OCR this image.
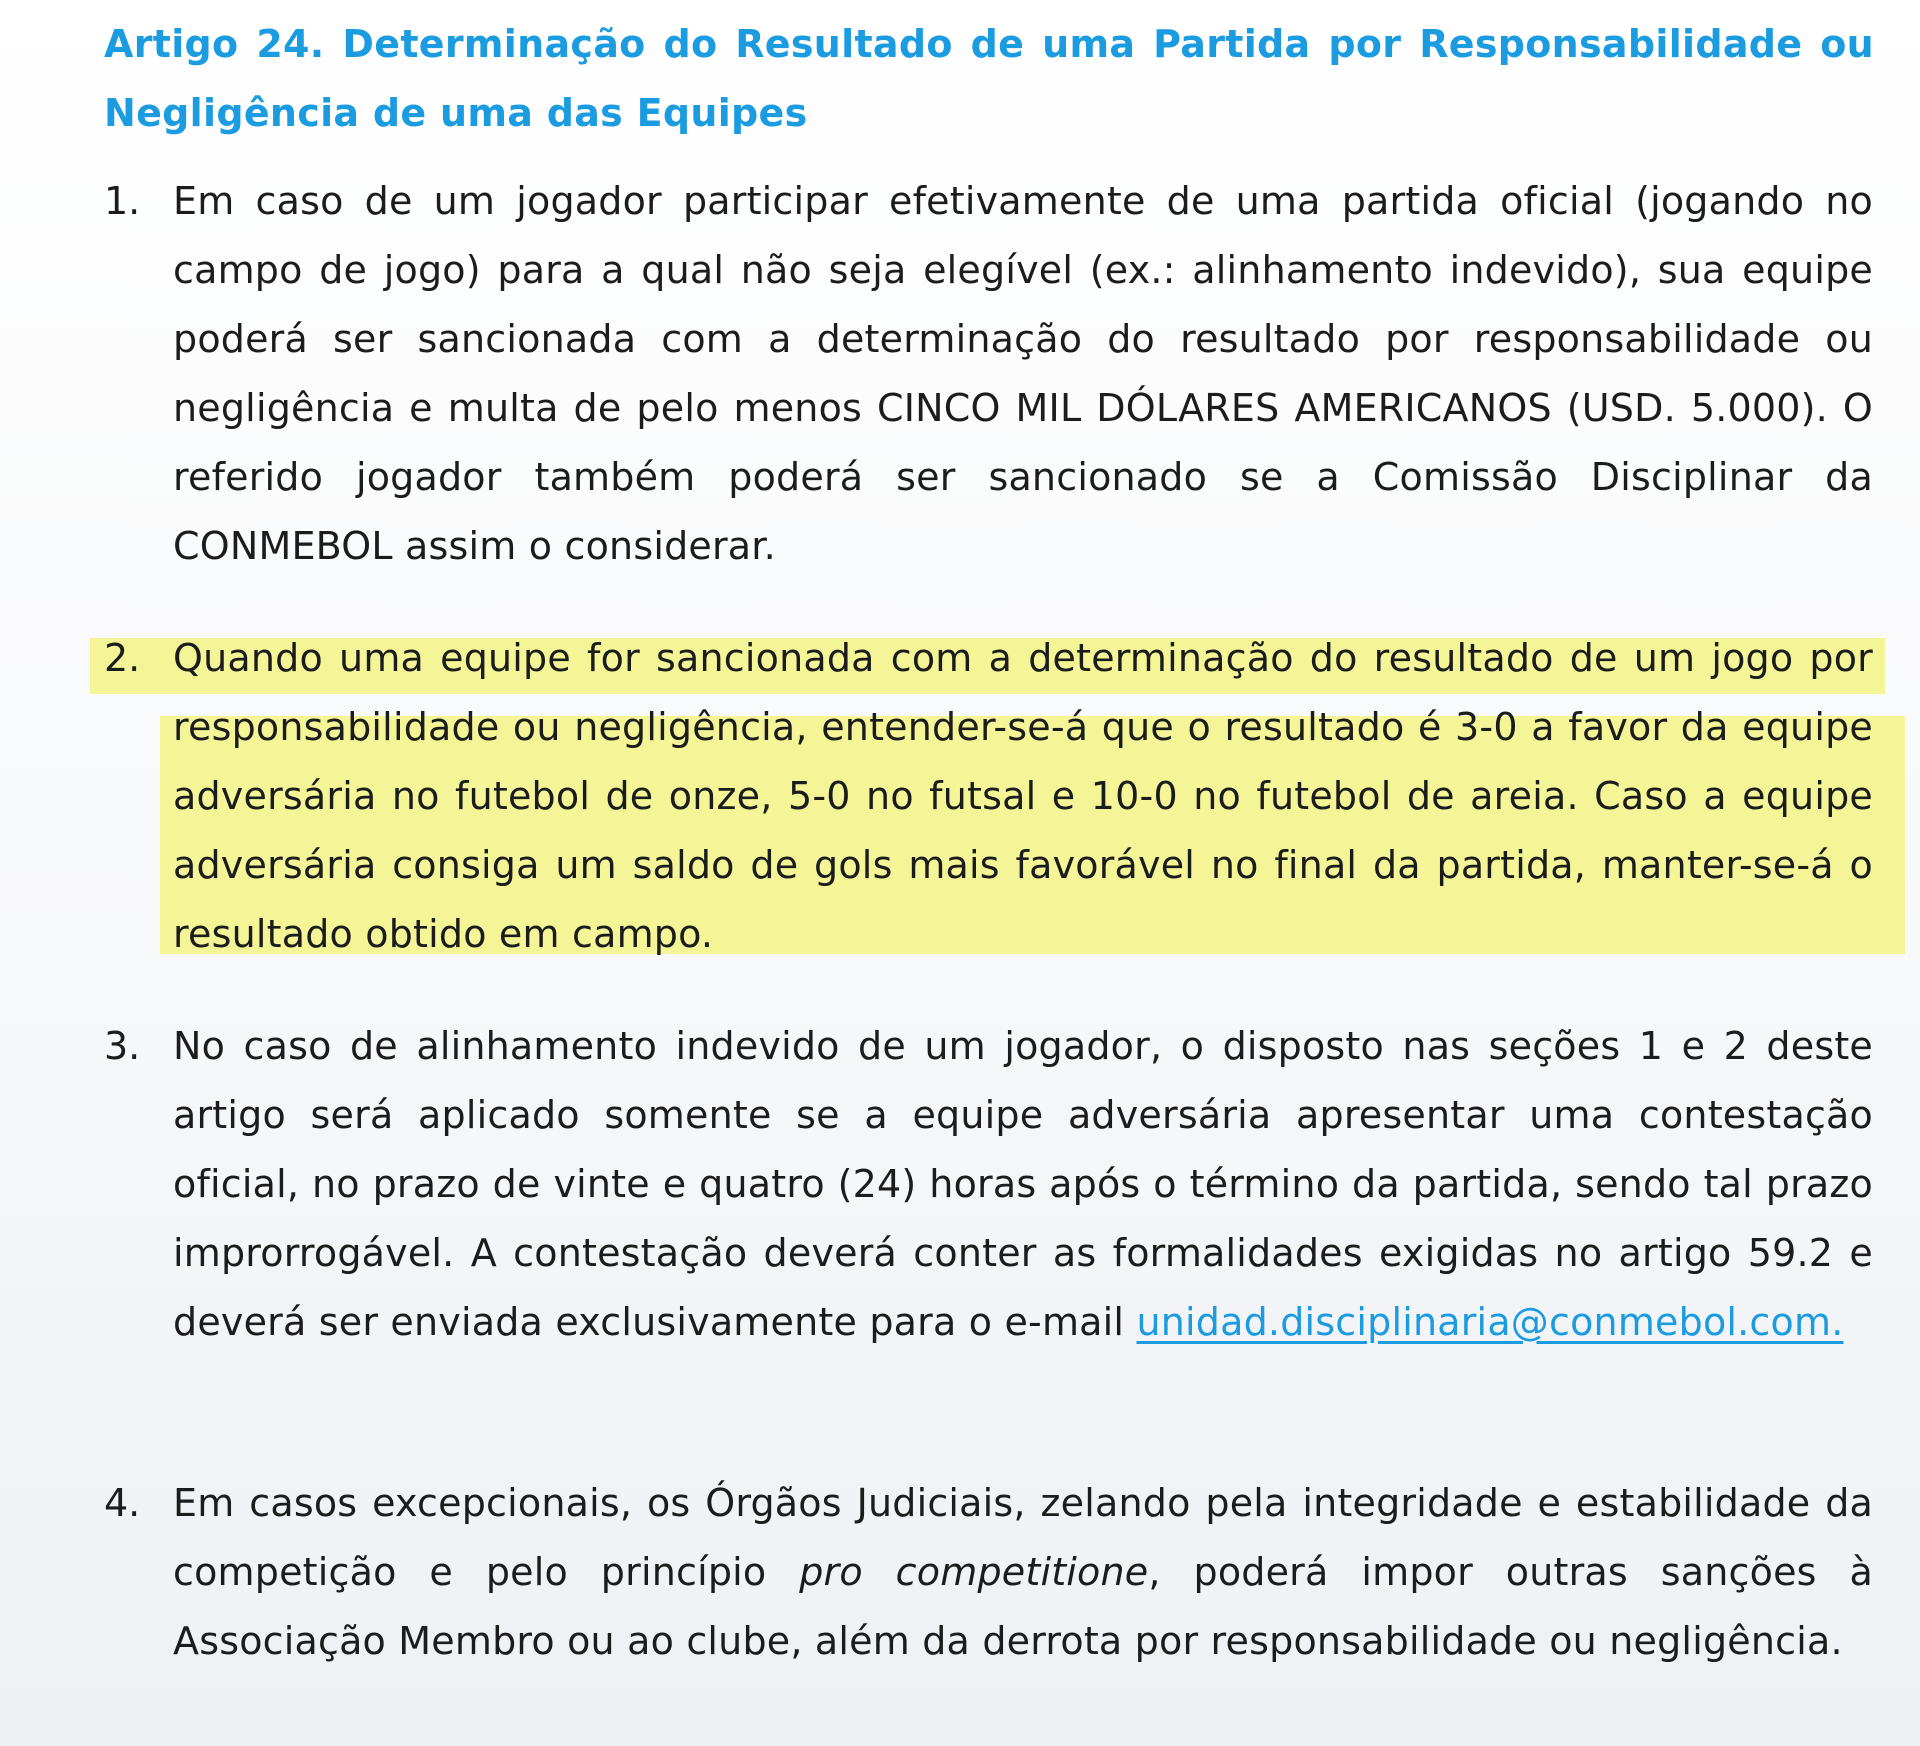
Artigo 24. Determinação do Resultado de uma Partida por Responsabilidade ou Negligência de uma das Equipes
1. Em caso de um jogador participar efetivamente de uma partida oficial (jogando no campo de jogo) para a qual não seja elegível (ex.: alinhamento indevido), sua equipe poderá ser sancionada com a determinação do resultado por responsabilidade ou negligência e multa de pelo menos CINCO MIL DÓLARES AMERICANOS (USD. 5.000). O referido jogador também poderá ser sancionado se a Comissão Disciplinar da CONMEBOL assim o considerar.

2. Quando uma equipe for sancionada com a determinação do resultado de um jogo por responsabilidade ou negligência, entender-se-á que o resultado é 3-0 a favor da equipe adversária no futebol de onze, 5-0 no futsal e 10-0 no futebol de areia. Caso a equipe adversária consiga um saldo de gols mais favorável no final da partida, manter-se-á o resultado obtido em campo.

3. No caso de alinhamento indevido de um jogador, o disposto nas seções 1 e 2 deste artigo será aplicado somente se a equipe adversária apresentar uma contestação oficial, no prazo de vinte e quatro (24) horas após o término da partida, sendo tal prazo improrrogável. A contestação deverá conter as formalidades exigidas no artigo 59.2 e deverá ser enviada exclusivamente para o e-mail unidad.disciplinaria@conmebol.com.

4. Em casos excepcionais, os Órgãos Judiciais, zelando pela integridade e estabilidade da competição e pelo princípio pro competitione, poderá impor outras sanções à Associação Membro ou ao clube, além da derrota por responsabilidade ou negligência.
